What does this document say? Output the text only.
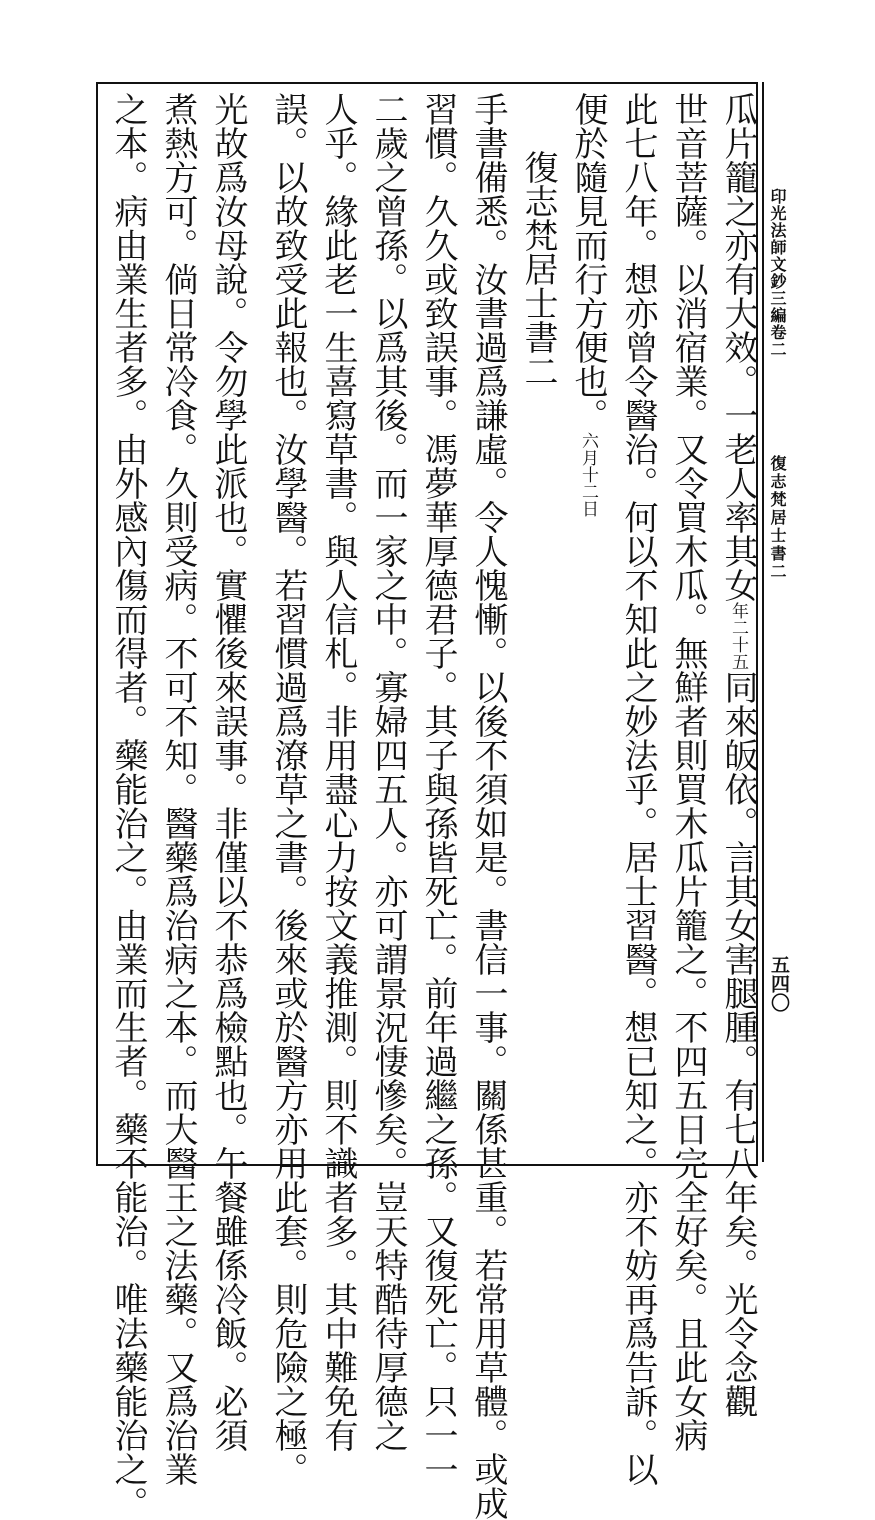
印光法師文鈔三編卷二
復志梵居士書二
五四〇
瓜片籠之亦有大效。一老人率其女年二十五同來皈依。言其女害腿腫。有七八年矣。光令念觀
世音菩薩。以消宿業。又令買木瓜。無鮮者則買木瓜片籠之。不四五日完全好矣。且此女病
此七八年。想亦曾令醫治。何以不知此之妙法乎。居士習醫。想已知之。亦不妨再爲告訴。以
便於隨見而行方便也。六月十二日
復志梵居士書二
手書備悉。汝書過爲謙虛。令人愧慚。以後不須如是。書信一事。關係甚重。若常用草體。或成
習慣。久久或致誤事。馮夢華厚德君子。其子與孫皆死亡。前年過繼之孫。又復死亡。只一一
二歲之曾孫。以爲其後。而一家之中。寡婦四五人。亦可謂景況悽慘矣。豈天特酷待厚德之
人乎。緣此老一生喜寫草書。與人信札。非用盡心力按文義推測。則不識者多。其中難免有
誤。以故致受此報也。汝學醫。若習慣過爲潦草之書。後來或於醫方亦用此套。則危險之極。
光故爲汝母說。令勿學此派也。實懼後來誤事。非僅以不恭爲檢點也。午餐雖係冷飯。必須
煮熱方可。倘日常冷食。久則受病。不可不知。醫藥爲治病之本。而大醫王之法藥。又爲治業
之本。病由業生者多。由外感內傷而得者。藥能治之。由業而生者。藥不能治。唯法藥能治之。
